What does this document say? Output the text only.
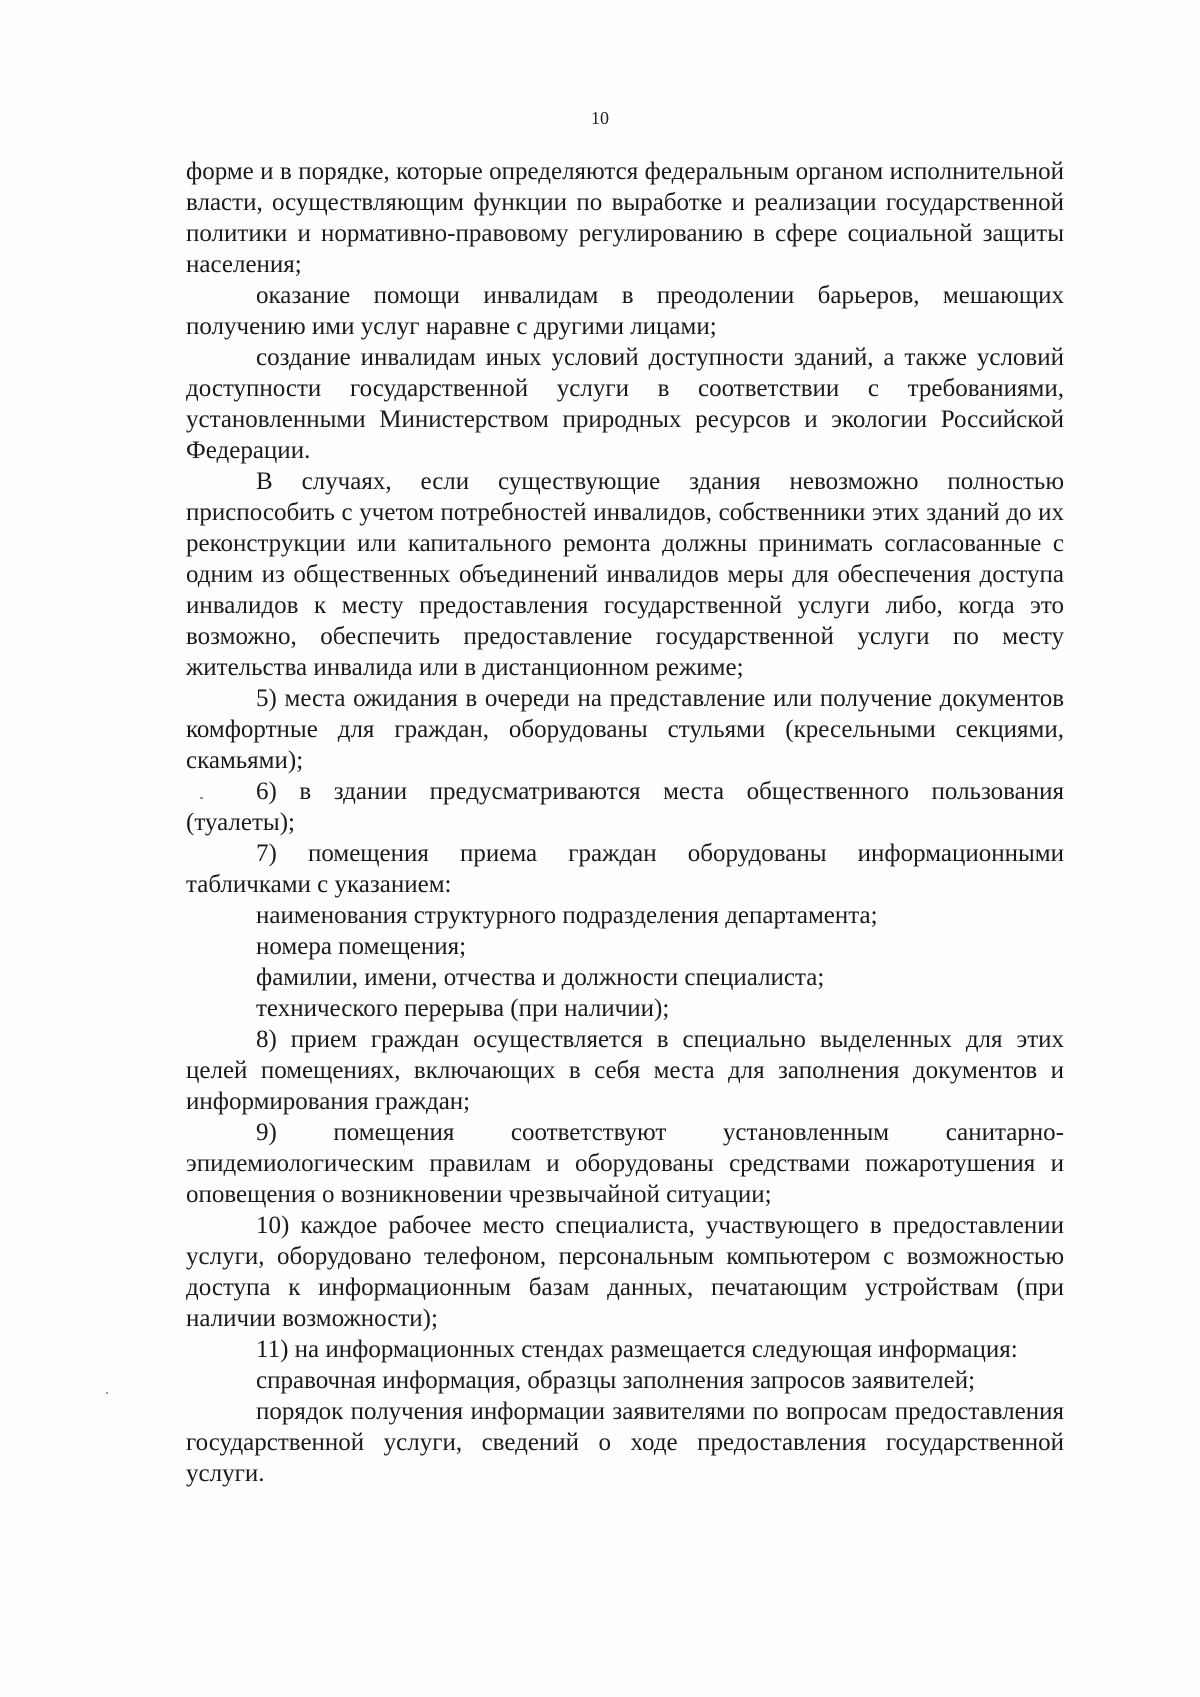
10

форме и в порядке, которые определяются федеральным органом исполнительной власти, осуществляющим функции по выработке и реализации государственной политики и нормативно-правовому регулированию в сфере социальной защиты населения;

оказание помощи инвалидам в преодолении барьеров, мешающих получению ими услуг наравне с другими лицами;

создание инвалидам иных условий доступности зданий, а также условий доступности государственной услуги в соответствии с требованиями, установленными Министерством природных ресурсов и экологии Российской Федерации.

В случаях, если существующие здания невозможно полностью приспособить с учетом потребностей инвалидов, собственники этих зданий до их реконструкции или капитального ремонта должны принимать согласованные с одним из общественных объединений инвалидов меры для обеспечения доступа инвалидов к месту предоставления государственной услуги либо, когда это возможно, обеспечить предоставление государственной услуги по месту жительства инвалида или в дистанционном режиме;

5) места ожидания в очереди на представление или получение документов комфортные для граждан, оборудованы стульями (кресельными секциями, скамьями);

6) в здании предусматриваются места общественного пользования (туалеты);

7) помещения приема граждан оборудованы информационными табличками с указанием:

наименования структурного подразделения департамента;

номера помещения;

фамилии, имени, отчества и должности специалиста;

технического перерыва (при наличии);

8) прием граждан осуществляется в специально выделенных для этих целей помещениях, включающих в себя места для заполнения документов и информирования граждан;

9) помещения соответствуют установленным санитарно-эпидемиологическим правилам и оборудованы средствами пожаротушения и оповещения о возникновении чрезвычайной ситуации;

10) каждое рабочее место специалиста, участвующего в предоставлении услуги, оборудовано телефоном, персональным компьютером с возможностью доступа к информационным базам данных, печатающим устройствам (при наличии возможности);

11) на информационных стендах размещается следующая информация:

справочная информация, образцы заполнения запросов заявителей;

порядок получения информации заявителями по вопросам предоставления государственной услуги, сведений о ходе предоставления государственной услуги.
